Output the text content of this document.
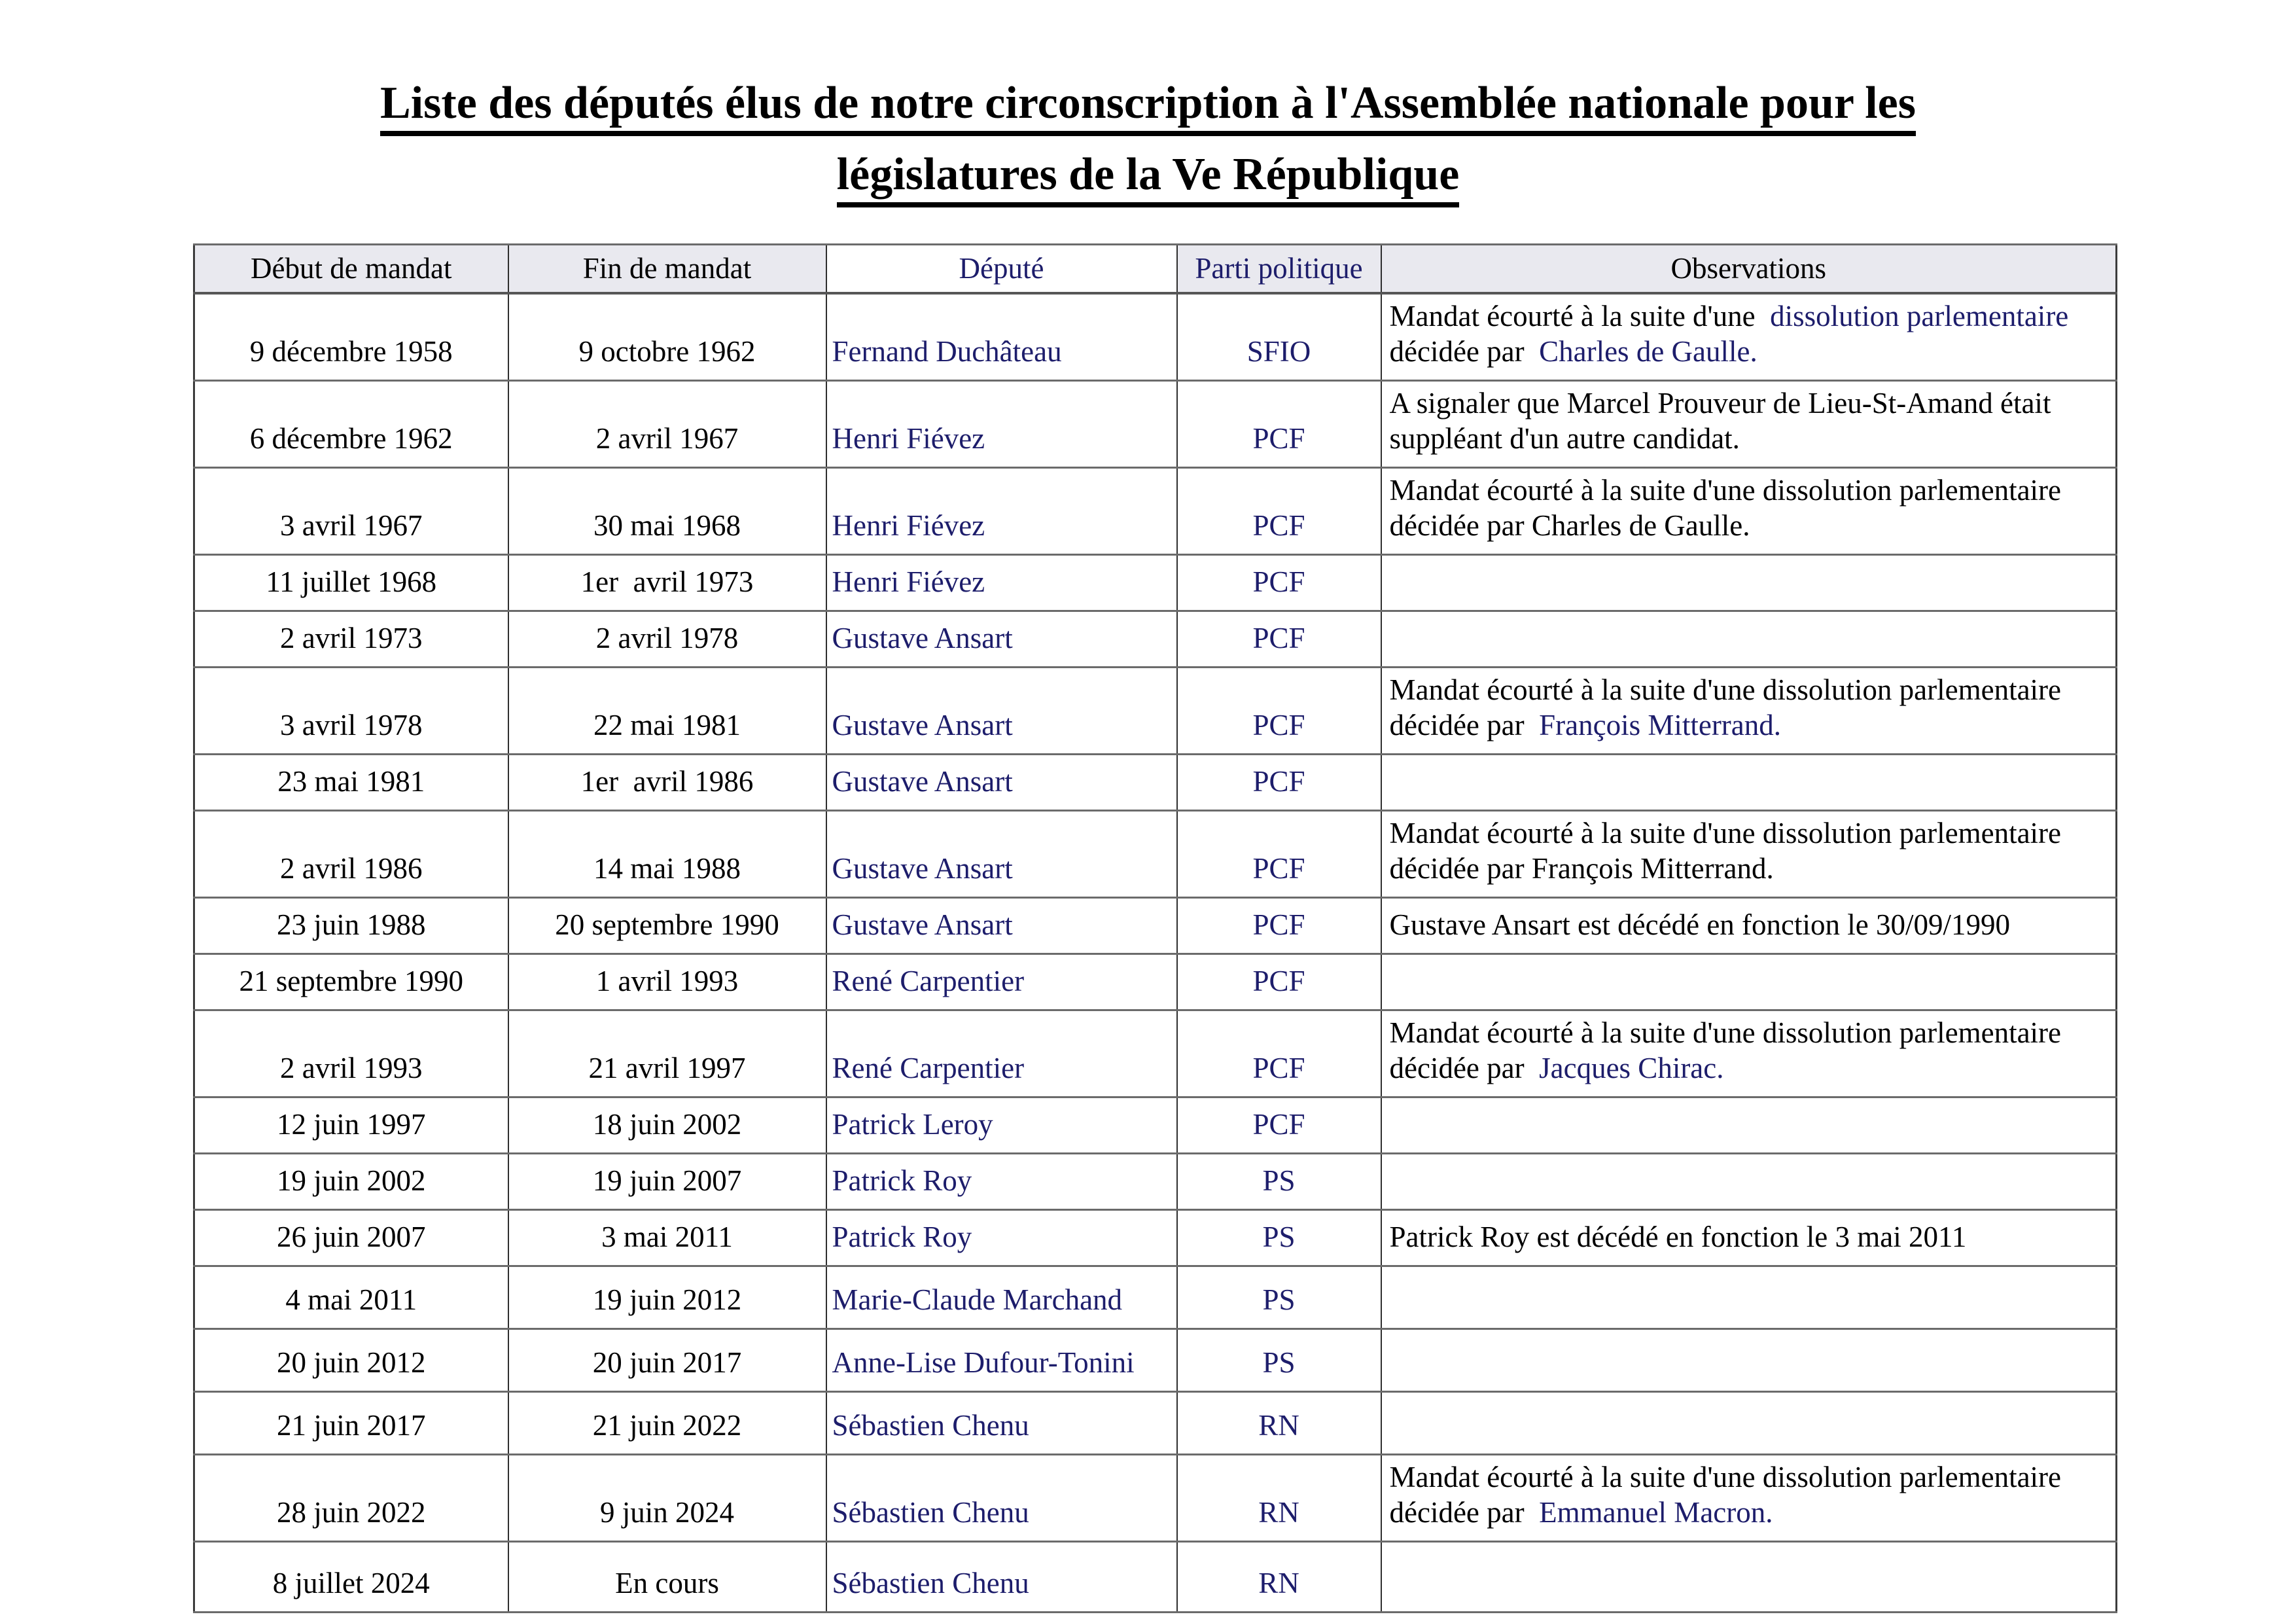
Liste des députés élus de notre circonscription à l'Assemblée nationale pour les
législatures de la Ve République
Début de mandat	Fin de mandat	Député	Parti politique	Observations
9 décembre 1958	9 octobre 1962	Fernand Duchâteau	SFIO	Mandat écourté à la suite d'une  dissolution parlementaire décidée par  Charles de Gaulle.
6 décembre 1962	2 avril 1967	Henri Fiévez	PCF	A signaler que Marcel Prouveur de Lieu-St-Amand était suppléant d'un autre candidat.
3 avril 1967	30 mai 1968	Henri Fiévez	PCF	Mandat écourté à la suite d'une dissolution parlementaire décidée par Charles de Gaulle.
11 juillet 1968	1er  avril 1973	Henri Fiévez	PCF	
2 avril 1973	2 avril 1978	Gustave Ansart	PCF	
3 avril 1978	22 mai 1981	Gustave Ansart	PCF	Mandat écourté à la suite d'une dissolution parlementaire décidée par  François Mitterrand.
23 mai 1981	1er  avril 1986	Gustave Ansart	PCF	
2 avril 1986	14 mai 1988	Gustave Ansart	PCF	Mandat écourté à la suite d'une dissolution parlementaire décidée par François Mitterrand.
23 juin 1988	20 septembre 1990	Gustave Ansart	PCF	Gustave Ansart est décédé en fonction le 30/09/1990
21 septembre 1990	1 avril 1993	René Carpentier	PCF	
2 avril 1993	21 avril 1997	René Carpentier	PCF	Mandat écourté à la suite d'une dissolution parlementaire décidée par  Jacques Chirac.
12 juin 1997	18 juin 2002	Patrick Leroy	PCF	
19 juin 2002	19 juin 2007	Patrick Roy	PS	
26 juin 2007	3 mai 2011	Patrick Roy	PS	Patrick Roy est décédé en fonction le 3 mai 2011
4 mai 2011	19 juin 2012	Marie-Claude Marchand	PS	
20 juin 2012	20 juin 2017	Anne-Lise Dufour-Tonini	PS	
21 juin 2017	21 juin 2022	Sébastien Chenu	RN	
28 juin 2022	9 juin 2024	Sébastien Chenu	RN	Mandat écourté à la suite d'une dissolution parlementaire décidée par  Emmanuel Macron.
8 juillet 2024	En cours	Sébastien Chenu	RN	
